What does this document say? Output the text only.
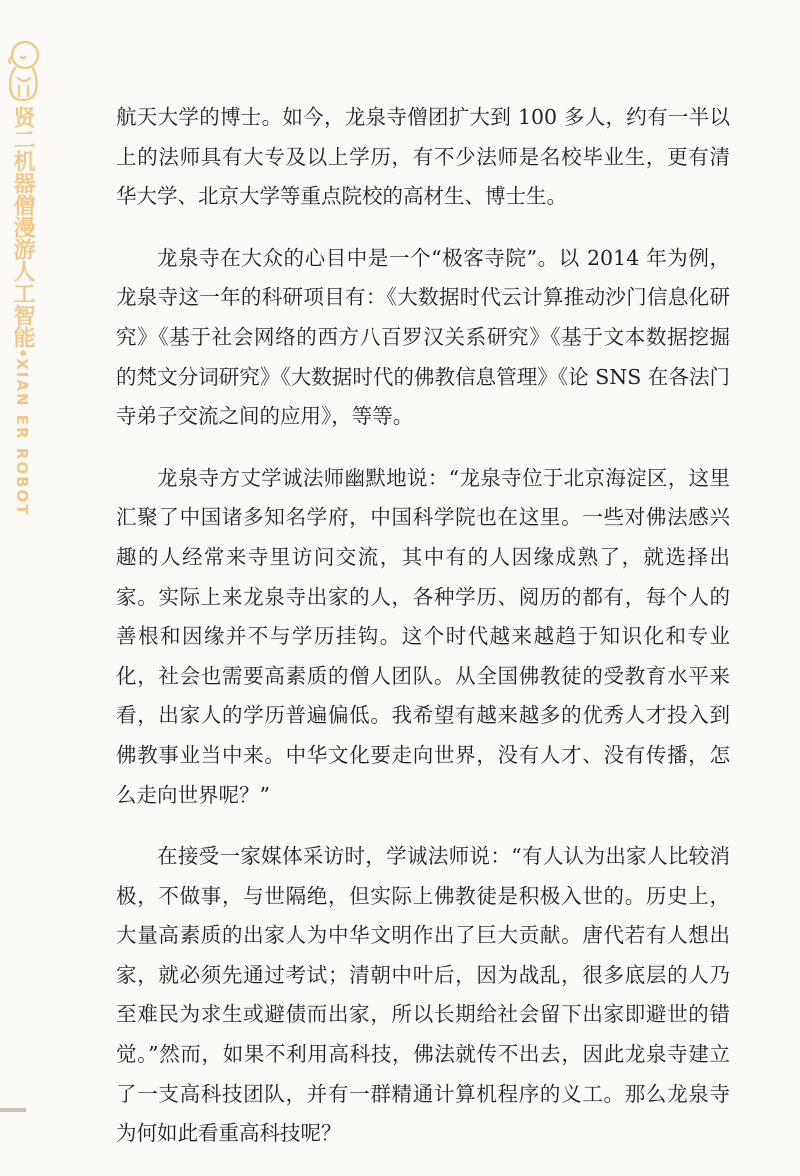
贤二机器僧漫游人工智能•XIAN ER ROBOT

航天大学的博士。如今，龙泉寺僧团扩大到 100 多人，约有一半以上的法师具有大专及以上学历，有不少法师是名校毕业生，更有清华大学、北京大学等重点院校的高材生、博士生。

龙泉寺在大众的心目中是一个“极客寺院”。以 2014 年为例，龙泉寺这一年的科研项目有：《大数据时代云计算推动沙门信息化研究》《基于社会网络的西方八百罗汉关系研究》《基于文本数据挖掘的梵文分词研究》《大数据时代的佛教信息管理》《论 SNS 在各法门寺弟子交流之间的应用》，等等。

龙泉寺方丈学诚法师幽默地说：“龙泉寺位于北京海淀区，这里汇聚了中国诸多知名学府，中国科学院也在这里。一些对佛法感兴趣的人经常来寺里访问交流，其中有的人因缘成熟了，就选择出家。实际上来龙泉寺出家的人，各种学历、阅历的都有，每个人的善根和因缘并不与学历挂钩。这个时代越来越趋于知识化和专业化，社会也需要高素质的僧人团队。从全国佛教徒的受教育水平来看，出家人的学历普遍偏低。我希望有越来越多的优秀人才投入到佛教事业当中来。中华文化要走向世界，没有人才、没有传播，怎么走向世界呢？”

在接受一家媒体采访时，学诚法师说：“有人认为出家人比较消极，不做事，与世隔绝，但实际上佛教徒是积极入世的。历史上，大量高素质的出家人为中华文明作出了巨大贡献。唐代若有人想出家，就必须先通过考试；清朝中叶后，因为战乱，很多底层的人乃至难民为求生或避债而出家，所以长期给社会留下出家即避世的错觉。”然而，如果不利用高科技，佛法就传不出去，因此龙泉寺建立了一支高科技团队，并有一群精通计算机程序的义工。那么龙泉寺为何如此看重高科技呢？
